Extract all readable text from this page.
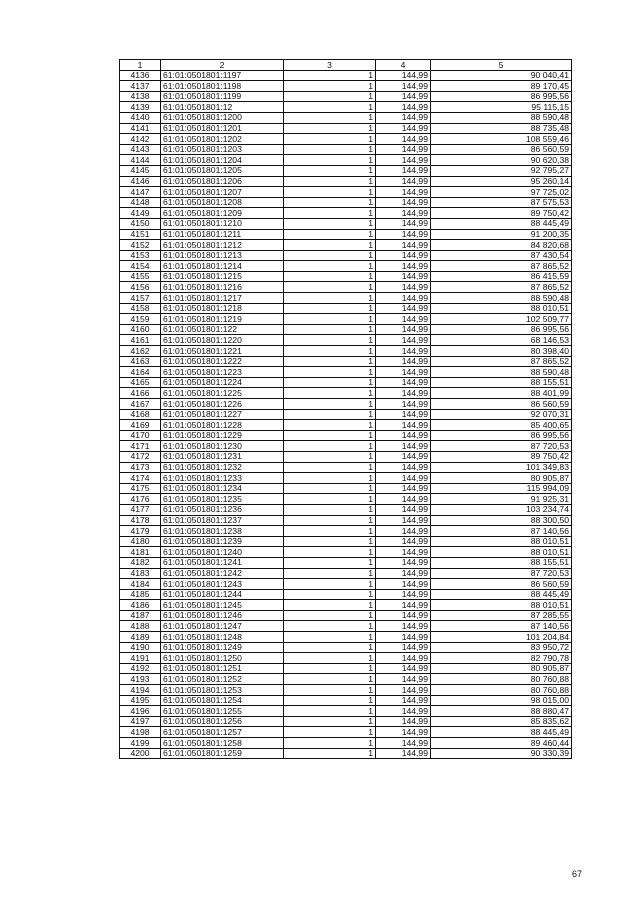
1	2	3	4	5
4136	61:01:0501801:1197	1	144,99	90 040,41
4137	61:01:0501801:1198	1	144,99	89 170,45
4138	61:01:0501801:1199	1	144,99	86 995,56
4139	61:01:0501801:12	1	144,99	95 115,15
4140	61:01:0501801:1200	1	144,99	88 590,48
4141	61:01:0501801:1201	1	144,99	88 735,48
4142	61:01:0501801:1202	1	144,99	108 559,46
4143	61:01:0501801:1203	1	144,99	86 560,59
4144	61:01:0501801:1204	1	144,99	90 620,38
4145	61:01:0501801:1205	1	144,99	92 795,27
4146	61:01:0501801:1206	1	144,99	95 260,14
4147	61:01:0501801:1207	1	144,99	97 725,02
4148	61:01:0501801:1208	1	144,99	87 575,53
4149	61:01:0501801:1209	1	144,99	89 750,42
4150	61:01:0501801:1210	1	144,99	88 445,49
4151	61:01:0501801:1211	1	144,99	91 200,35
4152	61:01:0501801:1212	1	144,99	84 820,68
4153	61:01:0501801:1213	1	144,99	87 430,54
4154	61:01:0501801:1214	1	144,99	87 865,52
4155	61:01:0501801:1215	1	144,99	86 415,59
4156	61:01:0501801:1216	1	144,99	87 865,52
4157	61:01:0501801:1217	1	144,99	88 590,48
4158	61:01:0501801:1218	1	144,99	88 010,51
4159	61:01:0501801:1219	1	144,99	102 509,77
4160	61:01:0501801:122	1	144,99	86 995,56
4161	61:01:0501801:1220	1	144,99	68 146,53
4162	61:01:0501801:1221	1	144,99	80 398,40
4163	61:01:0501801:1222	1	144,99	87 865,52
4164	61:01:0501801:1223	1	144,99	88 590,48
4165	61:01:0501801:1224	1	144,99	88 155,51
4166	61:01:0501801:1225	1	144,99	88 401,99
4167	61:01:0501801:1226	1	144,99	86 560,59
4168	61:01:0501801:1227	1	144,99	92 070,31
4169	61:01:0501801:1228	1	144,99	85 400,65
4170	61:01:0501801:1229	1	144,99	86 995,56
4171	61:01:0501801:1230	1	144,99	87 720,53
4172	61:01:0501801:1231	1	144,99	89 750,42
4173	61:01:0501801:1232	1	144,99	101 349,83
4174	61:01:0501801:1233	1	144,99	80 905,87
4175	61:01:0501801:1234	1	144,99	115 994,09
4176	61:01:0501801:1235	1	144,99	91 925,31
4177	61:01:0501801:1236	1	144,99	103 234,74
4178	61:01:0501801:1237	1	144,99	88 300,50
4179	61:01:0501801:1238	1	144,99	87 140,56
4180	61:01:0501801:1239	1	144,99	88 010,51
4181	61:01:0501801:1240	1	144,99	88 010,51
4182	61:01:0501801:1241	1	144,99	88 155,51
4183	61:01:0501801:1242	1	144,99	87 720,53
4184	61:01:0501801:1243	1	144,99	86 560,59
4185	61:01:0501801:1244	1	144,99	88 445,49
4186	61:01:0501801:1245	1	144,99	88 010,51
4187	61:01:0501801:1246	1	144,99	87 285,55
4188	61:01:0501801:1247	1	144,99	87 140,56
4189	61:01:0501801:1248	1	144,99	101 204,84
4190	61:01:0501801:1249	1	144,99	83 950,72
4191	61:01:0501801:1250	1	144,99	82 790,78
4192	61:01:0501801:1251	1	144,99	80 905,87
4193	61:01:0501801:1252	1	144,99	80 760,88
4194	61:01:0501801:1253	1	144,99	80 760,88
4195	61:01:0501801:1254	1	144,99	98 015,00
4196	61:01:0501801:1255	1	144,99	88 880,47
4197	61:01:0501801:1256	1	144,99	85 835,62
4198	61:01:0501801:1257	1	144,99	88 445,49
4199	61:01:0501801:1258	1	144,99	89 460,44
4200	61:01:0501801:1259	1	144,99	90 330,39
67
